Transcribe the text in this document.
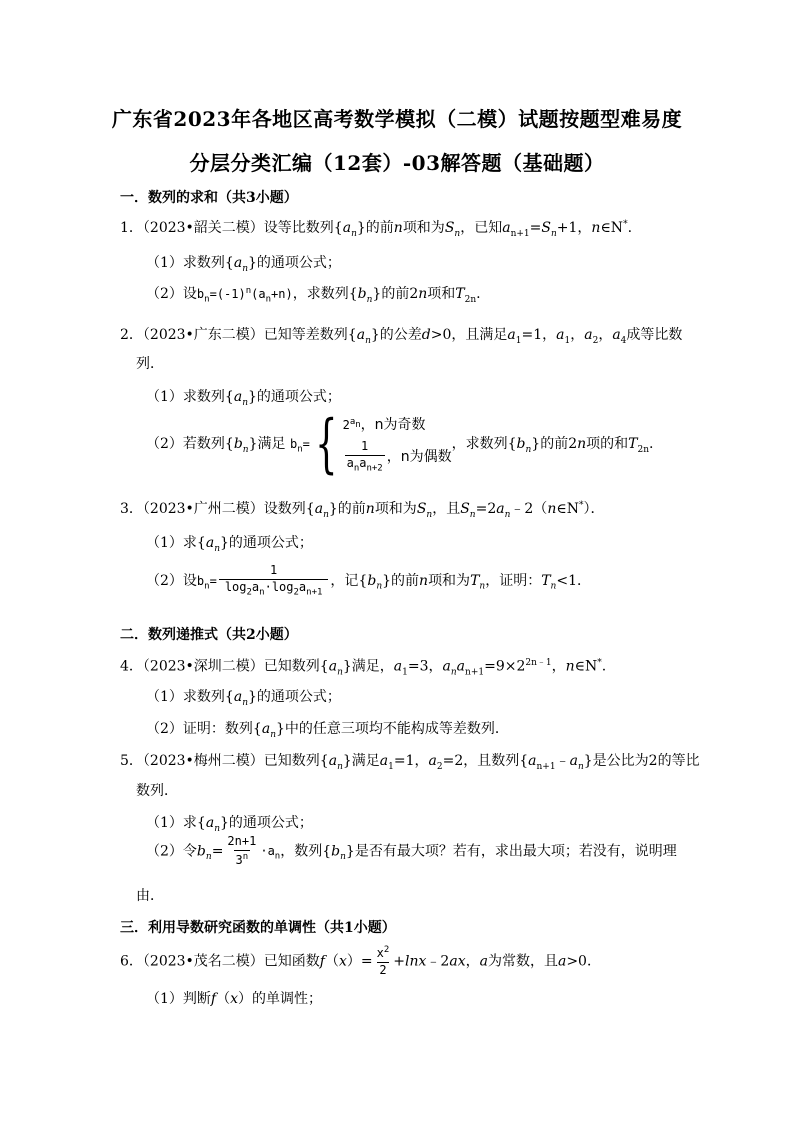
广东省2023年各地区高考数学模拟（二模）试题按题型难易度
分层分类汇编（12套）-03解答题（基础题）
一．数列的求和（共3小题）
1．（2023•韶关二模）设等比数列$\{a_n\}$的前n项和为$S_n$，已知$a_{n+1}=S_n+1$，n∈N*.
（1）求数列$\{a_n\}$的通项公式；
（2）设$b_n=(-1)^n(a_n+n)$，求数列$\{b_n\}$的前2n项和$T_{2n}$.
2．（2023•广东二模）已知等差数列$\{a_n\}$的公差d>0，且满足$a_1=1$，$a_1$，$a_2$，$a_4$成等比数
列．
（1）求数列$\{a_n\}$的通项公式；
（2）若数列$\{b_n\}$满足 $b_n=${ $2^{a_n}$，n为奇数
$\frac{1}{a_na_{n+2}}$ ，n为偶数
，求数列$\{b_n\}$的前2n项的和$T_{2n}$.
3．（2023•广州二模）设数列$\{a_n\}$的前n项和为$S_n$，且$S_n=2a_n﹣2(n\in N^*)$．
（1）求$\{a_n\}$的通项公式；
（2）设$b_n= \frac{1}{\log_2a_n\cdot\log_2a_{n+1}}$ ，记$\{b_n\}$的前n项和为$T_n$，证明：$T_n<1$．
二．数列递推式（共2小题）
4．（2023•深圳二模）已知数列$\{a_n\}$满足，$a_1=3$，$a_na_{n+1}=9\times 2^{2n﹣1}$，n∈N*.
（1）求数列$\{a_n\}$的通项公式；
（2）证明：数列$\{a_n\}$中的任意三项均不能构成等差数列．
5．（2023•梅州二模）已知数列$\{a_n\}$满足$a_1=1$，$a_2=2$，且数列$\{a_{n+1}﹣a_n\}$是公比为2的等比
数列．
（1）求$\{a_n\}$的通项公式；
（2）令$b_n= \frac{2n+1}{3^n} \cdot a_n$，数列$\{b_n\}$是否有最大项？若有，求出最大项；若没有，说明理
由．
三．利用导数研究函数的单调性（共1小题）
6．（2023•茂名二模）已知函数$f(x)= \frac{x^2}{2}$ +lnx﹣2ax，a为常数，且a>0．
（1）判断f（x）的单调性；
